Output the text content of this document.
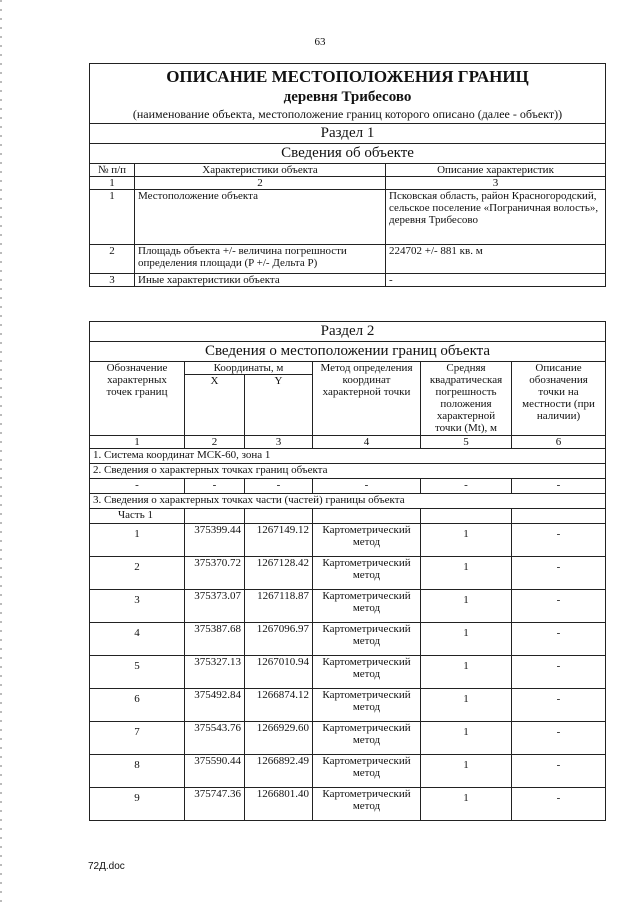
63
ОПИСАНИЕ МЕСТОПОЛОЖЕНИЯ ГРАНИЦ
деревня Трибесово
(наименование объекта, местоположение границ которого описано (далее - объект))		

Раздел 1		
Сведения об объекте		
№ п/п	Характеристики объекта	Описание характеристик
1	2	3
1	Местоположение объекта	Псковская область, район Красногородский, сельское поселение «Пограничная волость», деревня Трибесово
2	Площадь объекта +/- величина погрешности определения площади (P +/- Дельта P)	224702 +/- 881 кв. м
3	Иные характеристики объекта	-
Раздел 2					
Сведения о местоположении границ объекта					
Обозначение характерных точек границ	Координаты, м		Метод определения координат характерной точки	Средняя квадратическая погрешность положения характерной точки (Mt), м	Описание обозначения точки на местности (при наличии)
	X	Y			
1	2	3	4	5	6
1. Система координат МСК-60, зона 1					
2. Сведения о характерных точках границ объекта					
-	-	-	-	-	-
3. Сведения о характерных точках части (частей) границы объекта					
Часть 1					
1	375399.44	1267149.12	Картометрический метод	1	-
2	375370.72	1267128.42	Картометрический метод	1	-
3	375373.07	1267118.87	Картометрический метод	1	-
4	375387.68	1267096.97	Картометрический метод	1	-
5	375327.13	1267010.94	Картометрический метод	1	-
6	375492.84	1266874.12	Картометрический метод	1	-
7	375543.76	1266929.60	Картометрический метод	1	-
8	375590.44	1266892.49	Картометрический метод	1	-
9	375747.36	1266801.40	Картометрический метод	1	-
72Д.doc
